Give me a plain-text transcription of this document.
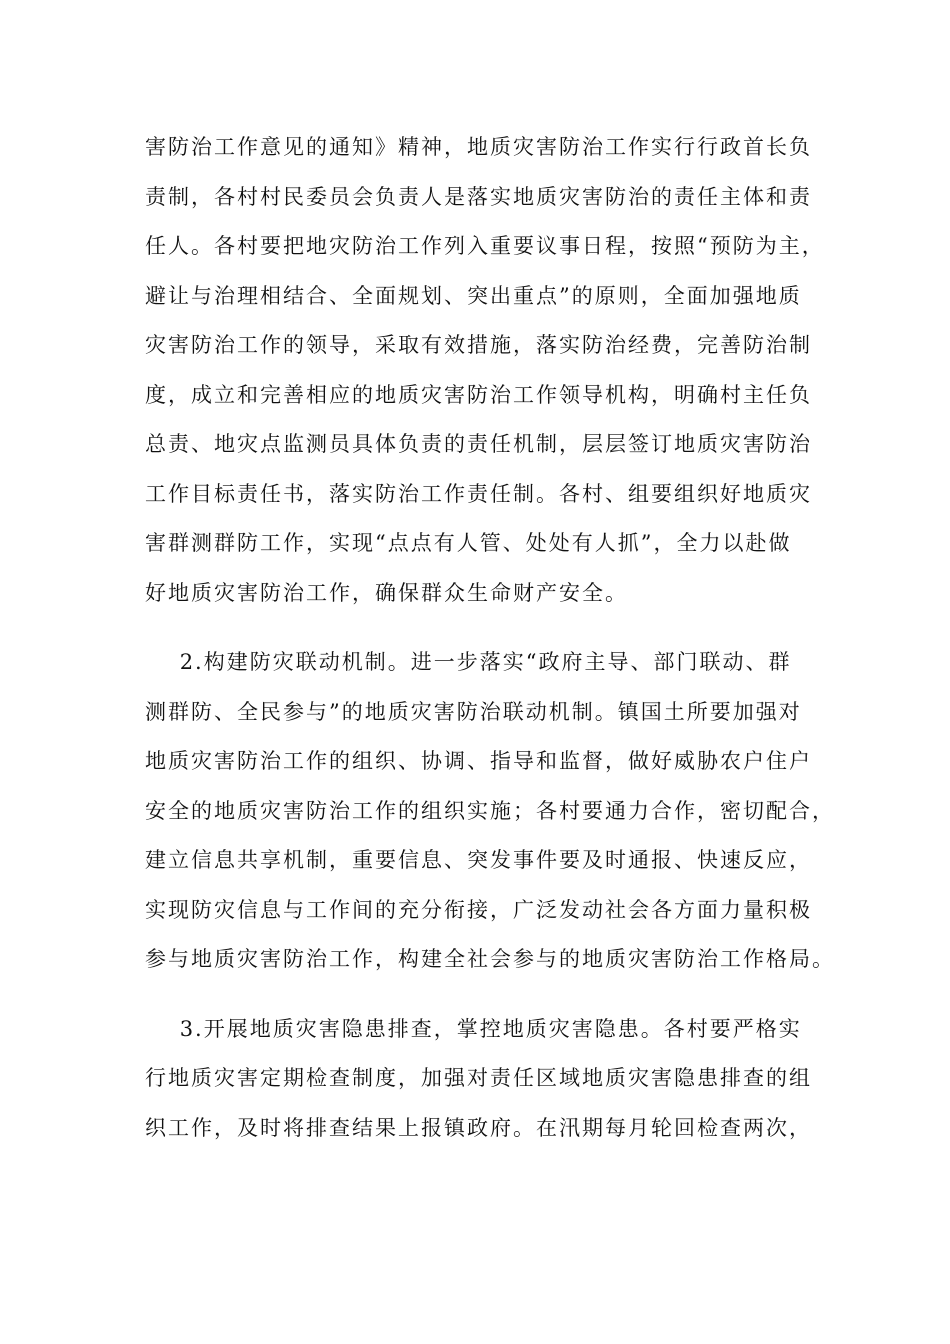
害防治工作意见的通知》精神，地质灾害防治工作实行行政首长负
责制，各村村民委员会负责人是落实地质灾害防治的责任主体和责
任人。各村要把地灾防治工作列入重要议事日程，按照“预防为主，
避让与治理相结合、全面规划、突出重点”的原则，全面加强地质
灾害防治工作的领导，采取有效措施，落实防治经费，完善防治制
度，成立和完善相应的地质灾害防治工作领导机构，明确村主任负
总责、地灾点监测员具体负责的责任机制，层层签订地质灾害防治
工作目标责任书，落实防治工作责任制。各村、组要组织好地质灾
害群测群防工作，实现“点点有人管、处处有人抓”，全力以赴做
好地质灾害防治工作，确保群众生命财产安全。
2.构建防灾联动机制。进一步落实“政府主导、部门联动、群
测群防、全民参与”的地质灾害防治联动机制。镇国土所要加强对
地质灾害防治工作的组织、协调、指导和监督，做好威胁农户住户
安全的地质灾害防治工作的组织实施；各村要通力合作，密切配合，
建立信息共享机制，重要信息、突发事件要及时通报、快速反应，
实现防灾信息与工作间的充分衔接，广泛发动社会各方面力量积极
参与地质灾害防治工作，构建全社会参与的地质灾害防治工作格局。
3.开展地质灾害隐患排查，掌控地质灾害隐患。各村要严格实
行地质灾害定期检查制度，加强对责任区域地质灾害隐患排查的组
织工作，及时将排查结果上报镇政府。在汛期每月轮回检查两次，
